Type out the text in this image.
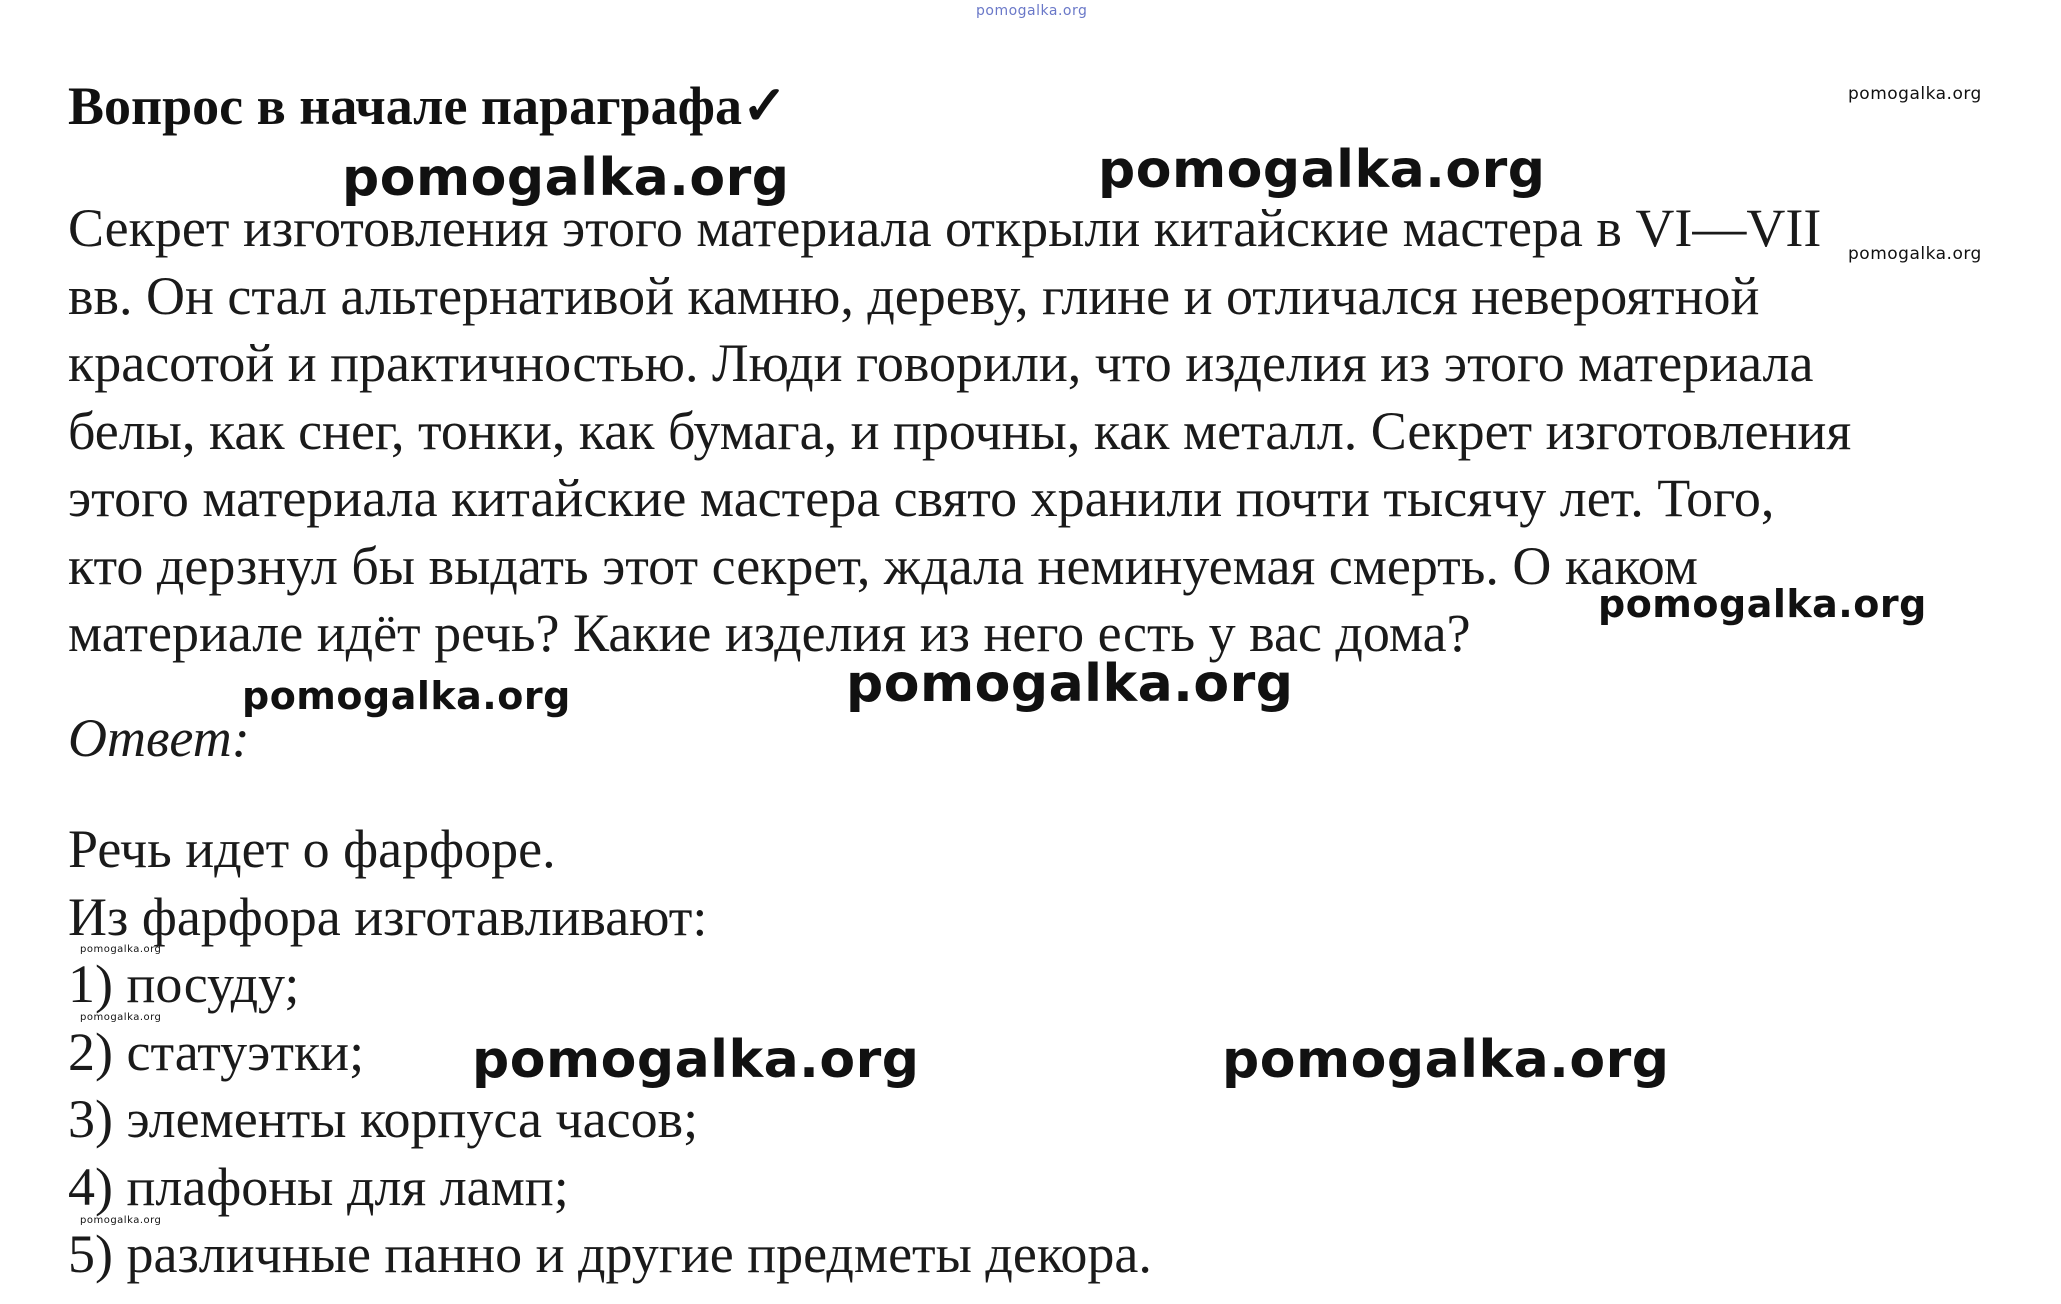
pomogalka.org
Вопрос в начале параграфа✓	pomogalka.org
pomogalka.org	pomogalka.org
Секрет изготовления этого материала открыли китайские мастера в VI—VII
вв. Он стал альтернативой камню, дереву, глине и отличался невероятной
красотой и практичностью. Люди говорили, что изделия из этого материала
белы, как снег, тонки, как бумага, и прочны, как металл. Секрет изготовления
этого материала китайские мастера свято хранили почти тысячу лет. Того,
кто дерзнул бы выдать этот секрет, ждала неминуемая смерть. О каком
материале идёт речь? Какие изделия из него есть у вас дома?
pomogalka.org
pomogalka.org
pomogalka.org	pomogalka.org
Ответ:
Речь идет о фарфоре.
Из фарфора изготавливают:
1) посуду;
2) статуэтки;
3) элементы корпуса часов;
4) плафоны для ламп;
5) различные панно и другие предметы декора.
pomogalka.org
pomogalka.org
pomogalka.org
pomogalka.org	pomogalka.org
